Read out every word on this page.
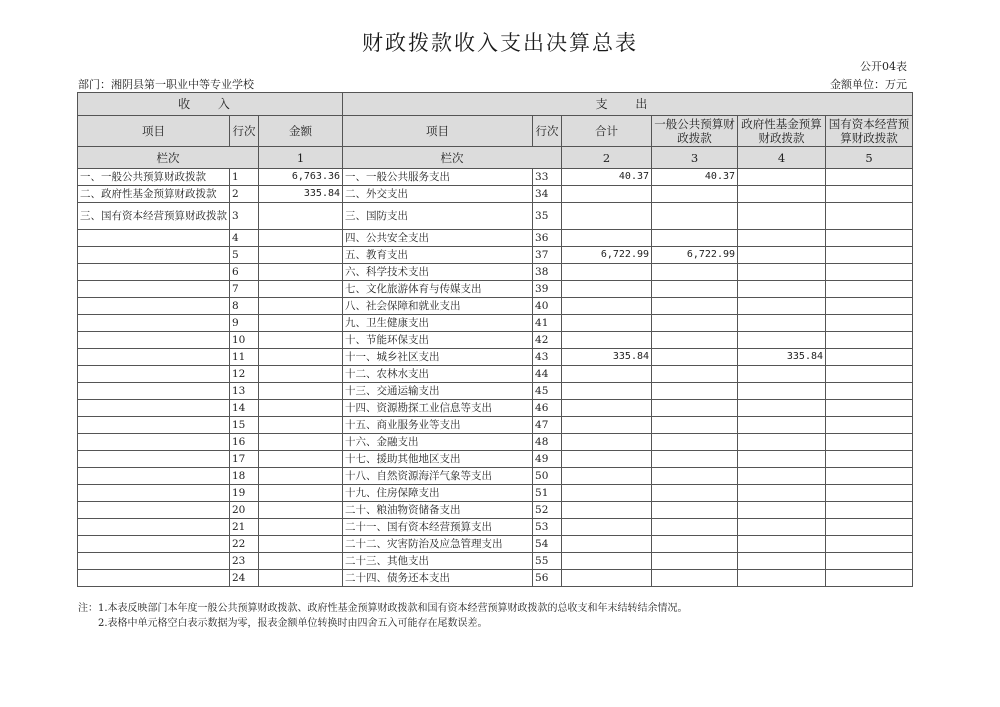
财政拨款收入支出决算总表
公开04表
部门：湘阴县第一职业中等专业学校	金额单位：万元
收 入			支 出					
项目	行次	金额	项目	行次	合计	一般公共预算财政拨款	政府性基金预算财政拨款	国有资本经营预算财政拨款
栏次		1	栏次		2	3	4	5
一、一般公共预算财政拨款	1	6,763.36	一、一般公共服务支出	33	40.37	40.37		
二、政府性基金预算财政拨款	2	335.84	二、外交支出	34				
三、国有资本经营预算财政拨款	3		三、国防支出	35				
	4		四、公共安全支出	36				
	5		五、教育支出	37	6,722.99	6,722.99		
	6		六、科学技术支出	38				
	7		七、文化旅游体育与传媒支出	39				
	8		八、社会保障和就业支出	40				
	9		九、卫生健康支出	41				
	10		十、节能环保支出	42				
	11		十一、城乡社区支出	43	335.84		335.84	
	12		十二、农林水支出	44				
	13		十三、交通运输支出	45				
	14		十四、资源勘探工业信息等支出	46				
	15		十五、商业服务业等支出	47				
	16		十六、金融支出	48				
	17		十七、援助其他地区支出	49				
	18		十八、自然资源海洋气象等支出	50				
	19		十九、住房保障支出	51				
	20		二十、粮油物资储备支出	52				
	21		二十一、国有资本经营预算支出	53				
	22		二十二、灾害防治及应急管理支出	54				
	23		二十三、其他支出	55				
	24		二十四、债务还本支出	56				
注：1.本表反映部门本年度一般公共预算财政拨款、政府性基金预算财政拨款和国有资本经营预算财政拨款的总收支和年末结转结余情况。
2.表格中单元格空白表示数据为零，报表金额单位转换时由四舍五入可能存在尾数误差。
